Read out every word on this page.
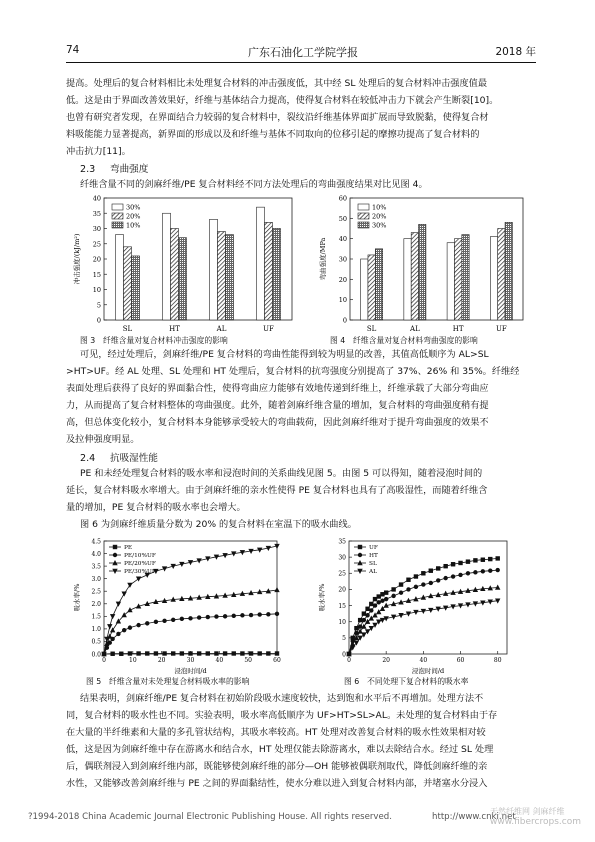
74	广东石油化工学院学报	2018 年
提高。处理后的复合材料相比未处理复合材料的冲击强度低，其中经 SL 处理后的复合材料冲击强度值最
低。这是由于界面改善效果好，纤维与基体结合力提高，使得复合材料在较低冲击力下就会产生断裂[10]。
也曾有研究者发现，在界面结合力较弱的复合材料中，裂纹沿纤维基体界面扩展而导致脱黏，使得复合材
料吸能能力显著提高，新界面的形成以及和纤维与基体不同取向的位移引起的摩擦功提高了复合材料的
冲击抗力[11]。
2.3 弯曲强度
纤维含量不同的剑麻纤维/PE 复合材料经不同方法处理后的弯曲强度结果对比见图 4。
0
5
10
15
20
25
30
35
40
冲击强度/(kJ/m²)
SL	HT	AL	UF
30%
20%
10%
图 3　纤维含量对复合材料冲击强度的影响
0
10
20
30
40
50
60
弯曲强度/MPa
SL	AL	HT	UF
10%
20%
30%
图 4　纤维含量对复合材料弯曲强度的影响
可见，经过处理后，剑麻纤维/PE 复合材料的弯曲性能得到较为明显的改善，其值高低顺序为 AL>SL
>HT>UF。经 AL 处理、SL 处理和 HT 处理后，复合材料的抗弯强度分别提高了 37%、26% 和 35%。纤维经
表面处理后获得了良好的界面黏合性，使得弯曲应力能够有效地传递到纤维上，纤维承载了大部分弯曲应
力，从而提高了复合材料整体的弯曲强度。此外，随着剑麻纤维含量的增加，复合材料的弯曲强度稍有提
高，但总体变化较小，复合材料本身能够承受较大的弯曲载荷，因此剑麻纤维对于提升弯曲强度的效果不
及拉伸强度明显。
2.4 抗吸湿性能
PE 和未经处理复合材料的吸水率和浸泡时间的关系曲线见图 5。由图 5 可以得知，随着浸泡时间的
延长，复合材料吸水率增大。由于剑麻纤维的亲水性使得 PE 复合材料也具有了高吸湿性，而随着纤维含
量的增加，PE 复合材料的吸水率也会增大。
图 6 为剑麻纤维质量分数为 20% 的复合材料在室温下的吸水曲线。
0.0
0.5
1.0
1.5
2.0
2.5
3.0
3.5
4.0
4.5
0	10	20	30	40	50	60
浸泡时间/d
吸水率/%
PE
PE/10%UF
PE/20%UF
PE/30%UF
图 5　纤维含量对未处理复合材料吸水率的影响
0
5
10
15
20
25
30
35
0	20	40	60	80
浸泡时间/d
吸水率/%
UF
HT
SL
AL
图 6　不同处理下复合材料的吸水率
结果表明，剑麻纤维/PE 复合材料在初始阶段吸水速度较快，达到饱和水平后不再增加。处理方法不
同，复合材料的吸水性也不同。实验表明，吸水率高低顺序为 UF>HT>SL>AL。未处理的复合材料由于存
在大量的半纤维素和大量的多孔管状结构，其吸水率较高。HT 处理对改善复合材料的吸水性效果相对较
低，这是因为剑麻纤维中存在游离水和结合水，HT 处理仅能去除游离水，难以去除结合水。经过 SL 处理
后，偶联剂浸入到剑麻纤维内部，既能够使剑麻纤维的部分—OH 能够被偶联剂取代，降低剑麻纤维的亲
水性，又能够改善剑麻纤维与 PE 之间的界面黏结性，使水分难以进入到复合材料内部，并堵塞水分浸入
?1994-2018 China Academic Journal Electronic Publishing House. All rights reserved.	http://www.cnki.net
天然纤维网 剑麻纤维
www.fibercrops.com
